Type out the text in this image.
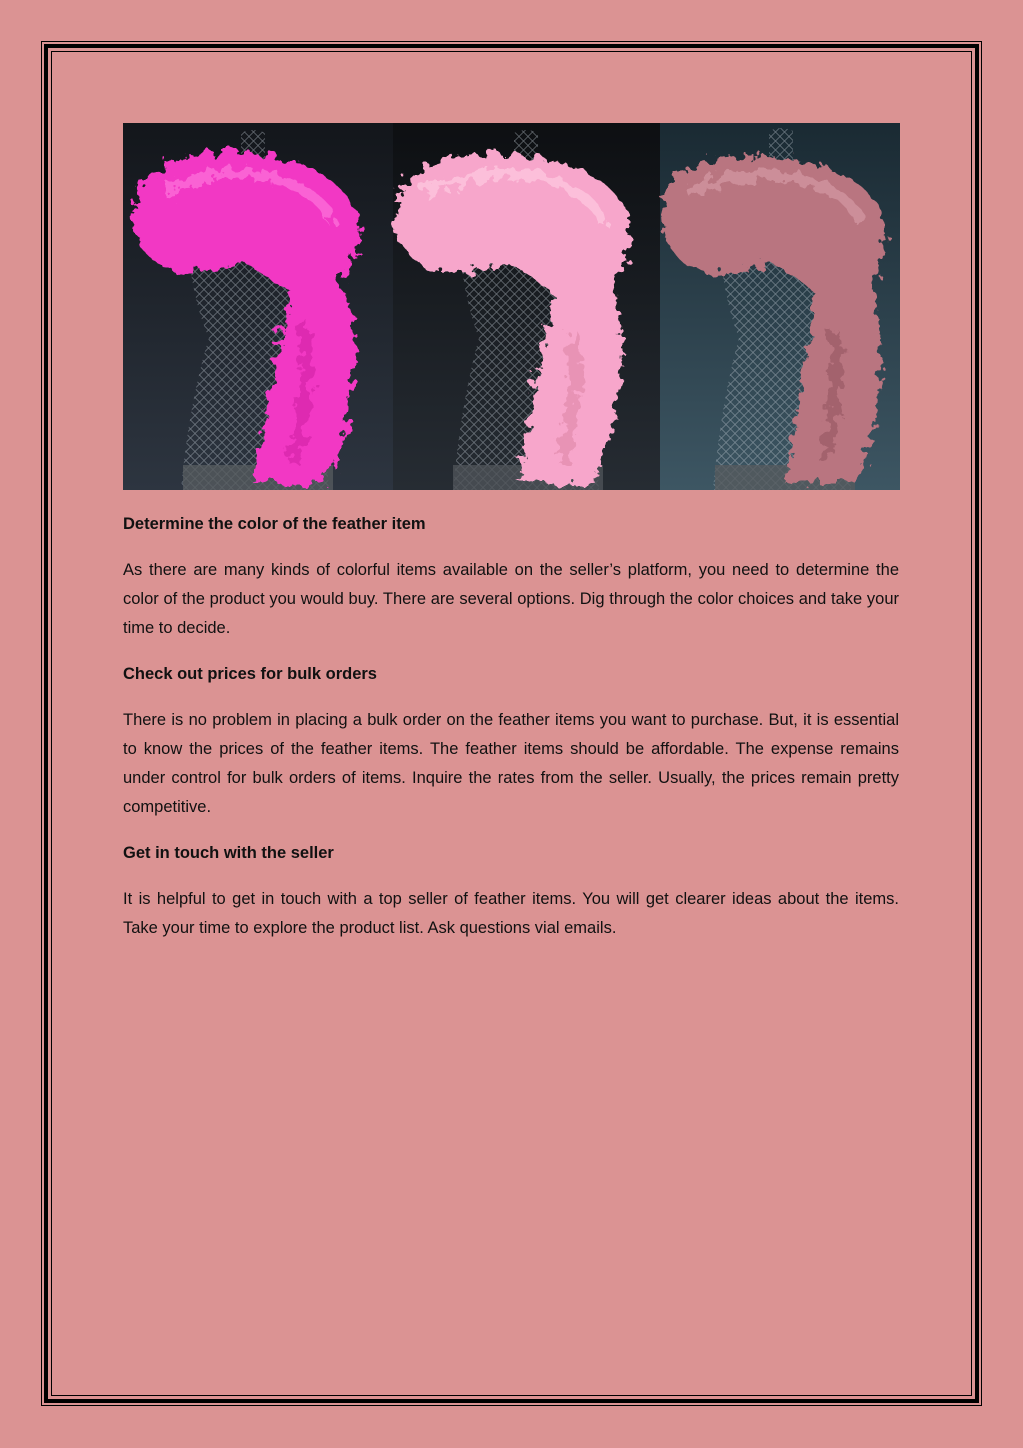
Determine the color of the feather item

As there are many kinds of colorful items available on the seller’s platform, you need to determine the color of the product you would buy. There are several options. Dig through the color choices and take your time to decide.

Check out prices for bulk orders

There is no problem in placing a bulk order on the feather items you want to purchase. But, it is essential to know the prices of the feather items. The feather items should be affordable. The expense remains under control for bulk orders of items. Inquire the rates from the seller. Usually, the prices remain pretty competitive.

Get in touch with the seller

It is helpful to get in touch with a top seller of feather items. You will get clearer ideas about the items. Take your time to explore the product list. Ask questions vial emails.
